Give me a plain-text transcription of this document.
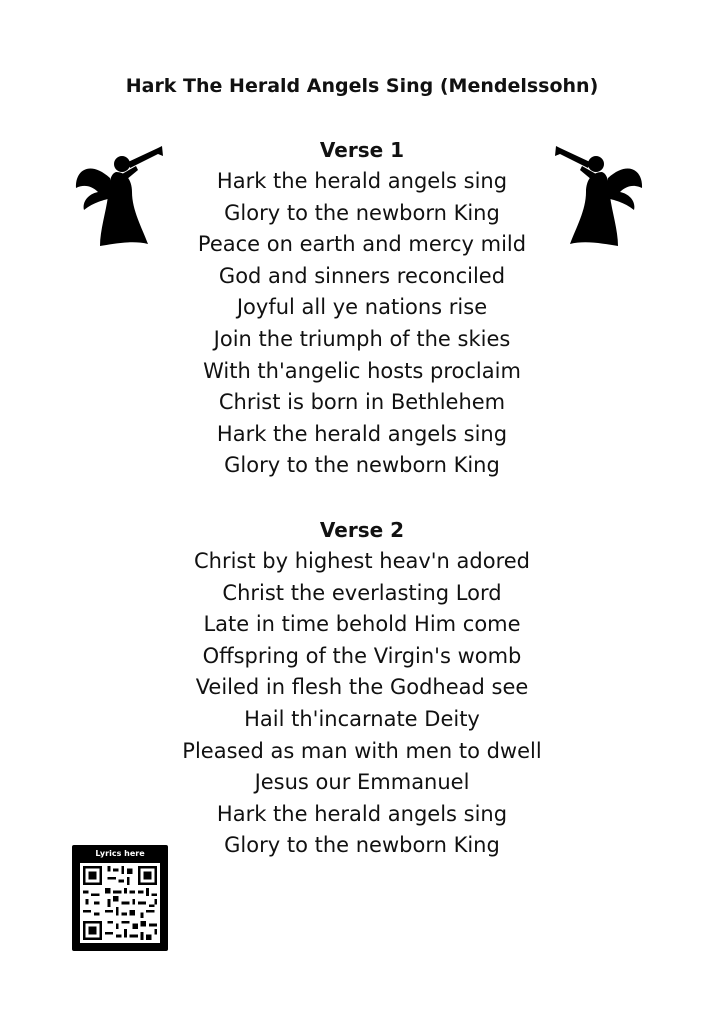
Hark The Herald Angels Sing (Mendelssohn)
Verse 1
Hark the herald angels sing
Glory to the newborn King
Peace on earth and mercy mild
God and sinners reconciled
Joyful all ye nations rise
Join the triumph of the skies
With th'angelic hosts proclaim
Christ is born in Bethlehem
Hark the herald angels sing
Glory to the newborn King
Verse 2
Christ by highest heav'n adored
Christ the everlasting Lord
Late in time behold Him come
Offspring of the Virgin's womb
Veiled in flesh the Godhead see
Hail th'incarnate Deity
Pleased as man with men to dwell
Jesus our Emmanuel
Hark the herald angels sing
Glory to the newborn King
Lyrics here
